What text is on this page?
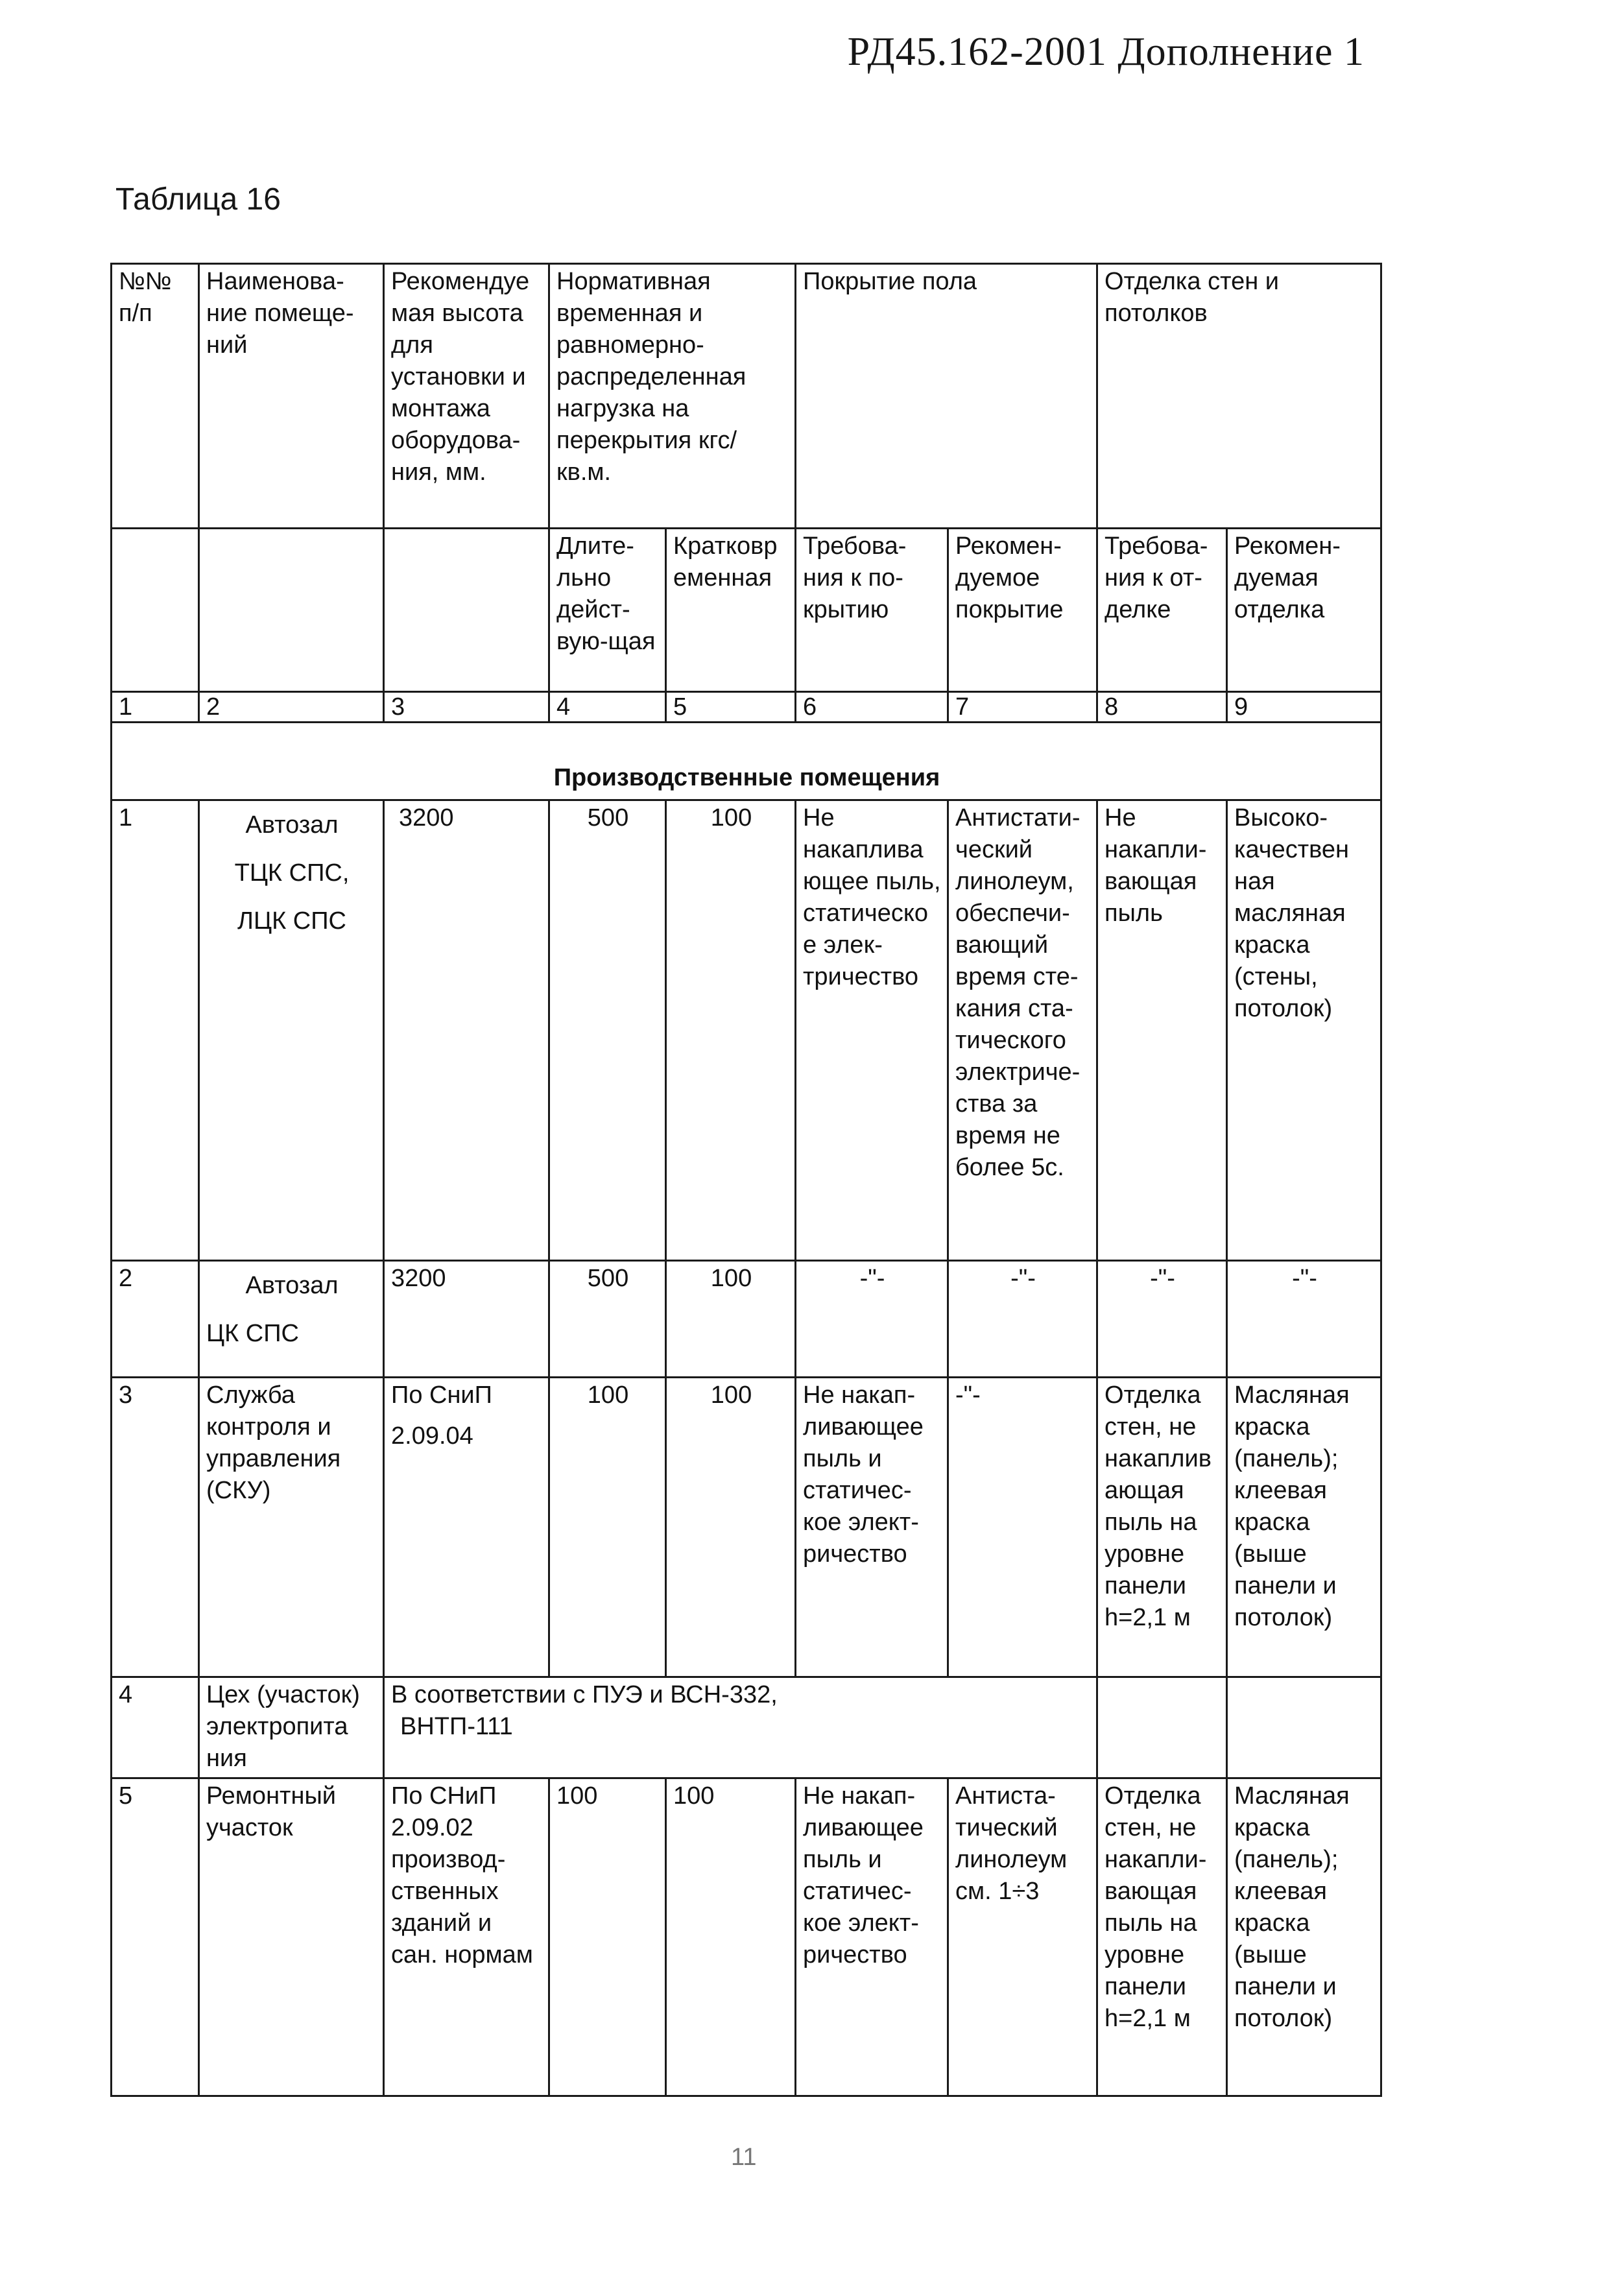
РД45.162-2001 Дополнение 1
Таблица 16
№№ п/п	Наименова-ние помеще-ний	Рекомендуе мая высота для установки и монтажа оборудова-ния, мм.	Нормативная временная и равномерно-распределенная нагрузка на перекрытия кгс/кв.м.		Покрытие пола		Отделка стен и потолков	
			Длите-льно дейст-вую-щая	Кратковр еменная	Требова-ния к по-крытию	Рекомен-дуемое покрытие	Требова-ния к от-делке	Рекомен-дуемая отделка
1	2	3	4	5	6	7	8	9
Производственные помещения								
1	Автозал

ТЦК СПС,

ЛЦК СПС	3200	500	100	Не накаплива ющее пыль, статическо е элек-тричество	Антистати-ческий линолеум, обеспечи-вающий время сте-кания ста-тического электриче-ства за время не более 5с.	Не накапли-вающая пыль	Высоко-качествен ная масляная краска (стены, потолок)
2	Автозал

ЦК СПС	3200	500	100	-"-	-"-	-"-	-"-
3	Служба контроля и управления (СКУ)	По СниП

2.09.04	100	100	Не накап-ливающее пыль и статичес-кое элект-ричество	-"-	Отделка стен, не накаплив ающая пыль на уровне панели h=2,1 м	Масляная краска (панель); клеевая краска (выше панели и потолок)
4	Цех (участок) электропита ния	В соответствии с ПУЭ и ВСН-332,

ВНТП-111						

5	Ремонтный участок	По СНиП 2.09.02 производ-ственных зданий и сан. нормам	100	100	Не накап-ливающее пыль и статичес-кое элект-ричество	Антиста-тический линолеум см. 1÷3	Отделка стен, не накапли-вающая пыль на уровне панели h=2,1 м	Масляная краска (панель); клеевая краска (выше панели и потолок)
11
